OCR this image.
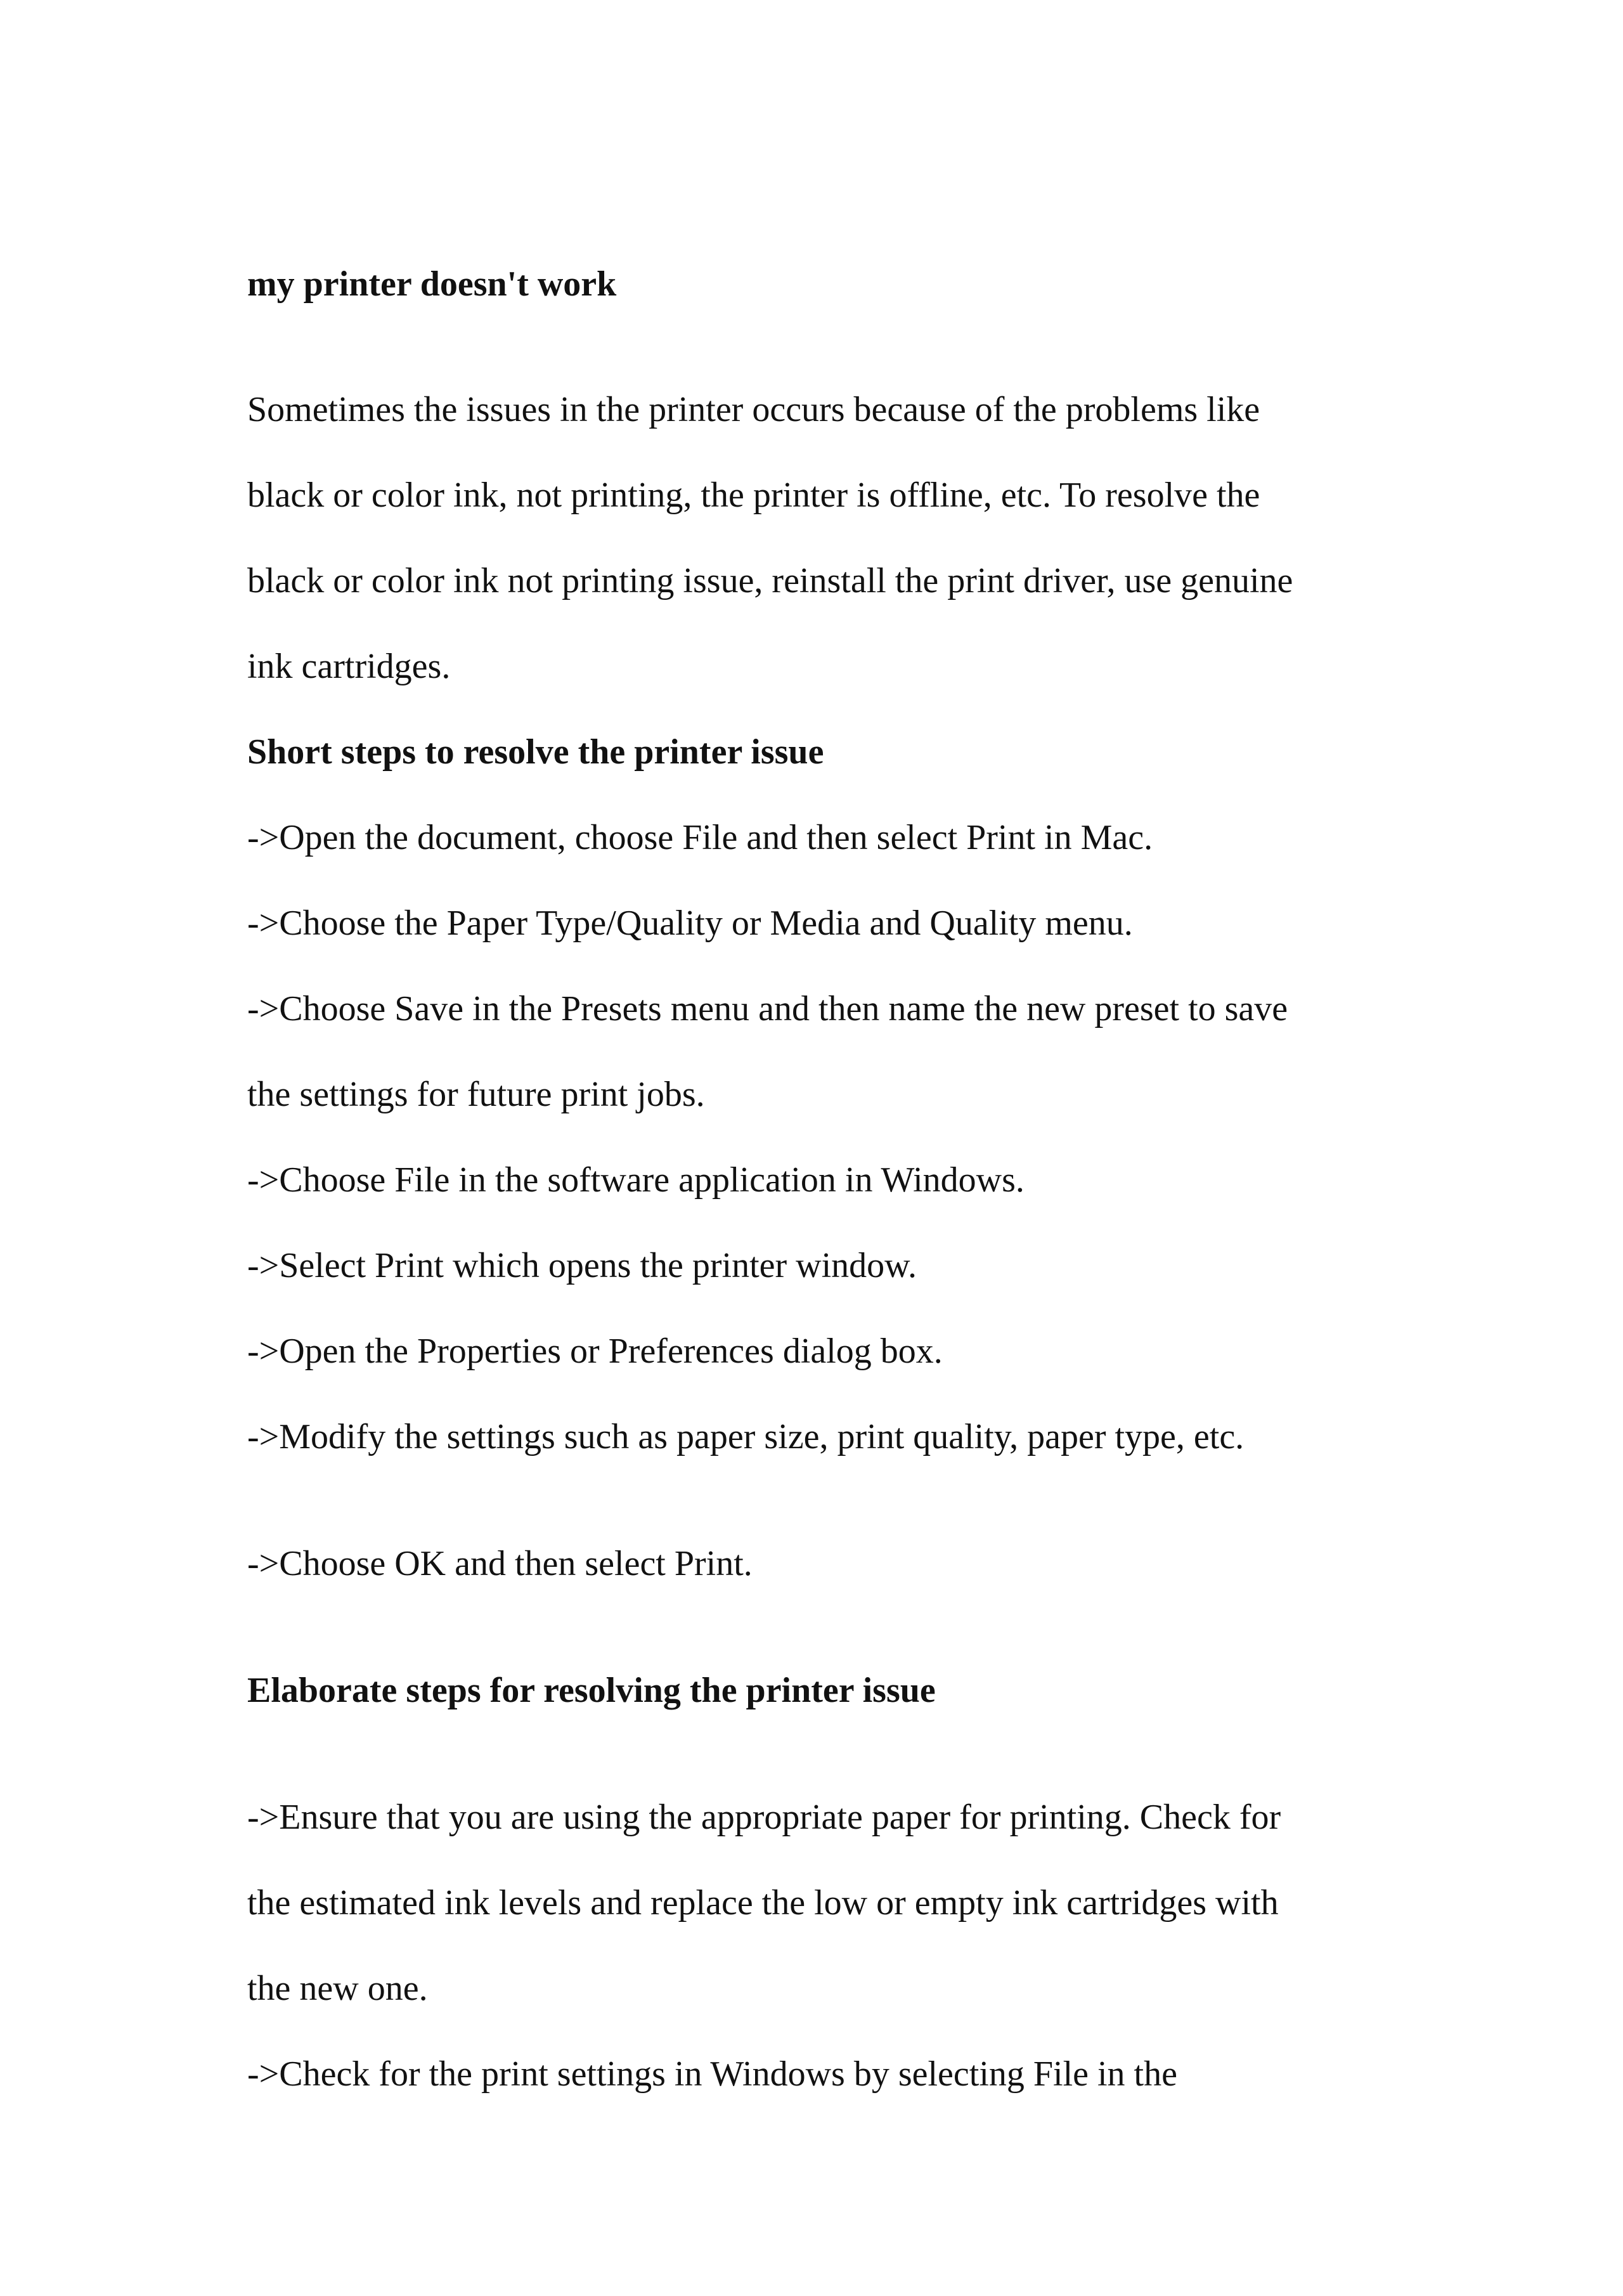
my printer doesn't work
Sometimes the issues in the printer occurs because of the problems like
black or color ink, not printing, the printer is offline, etc. To resolve the
black or color ink not printing issue, reinstall the print driver, use genuine
ink cartridges.
Short steps to resolve the printer issue
->Open the document, choose File and then select Print in Mac.
->Choose the Paper Type/Quality or Media and Quality menu.
->Choose Save in the Presets menu and then name the new preset to save
the settings for future print jobs.
->Choose File in the software application in Windows.
->Select Print which opens the printer window.
->Open the Properties or Preferences dialog box.
->Modify the settings such as paper size, print quality, paper type, etc.
->Choose OK and then select Print.
Elaborate steps for resolving the printer issue
->Ensure that you are using the appropriate paper for printing. Check for
the estimated ink levels and replace the low or empty ink cartridges with
the new one.
->Check for the print settings in Windows by selecting File in the
